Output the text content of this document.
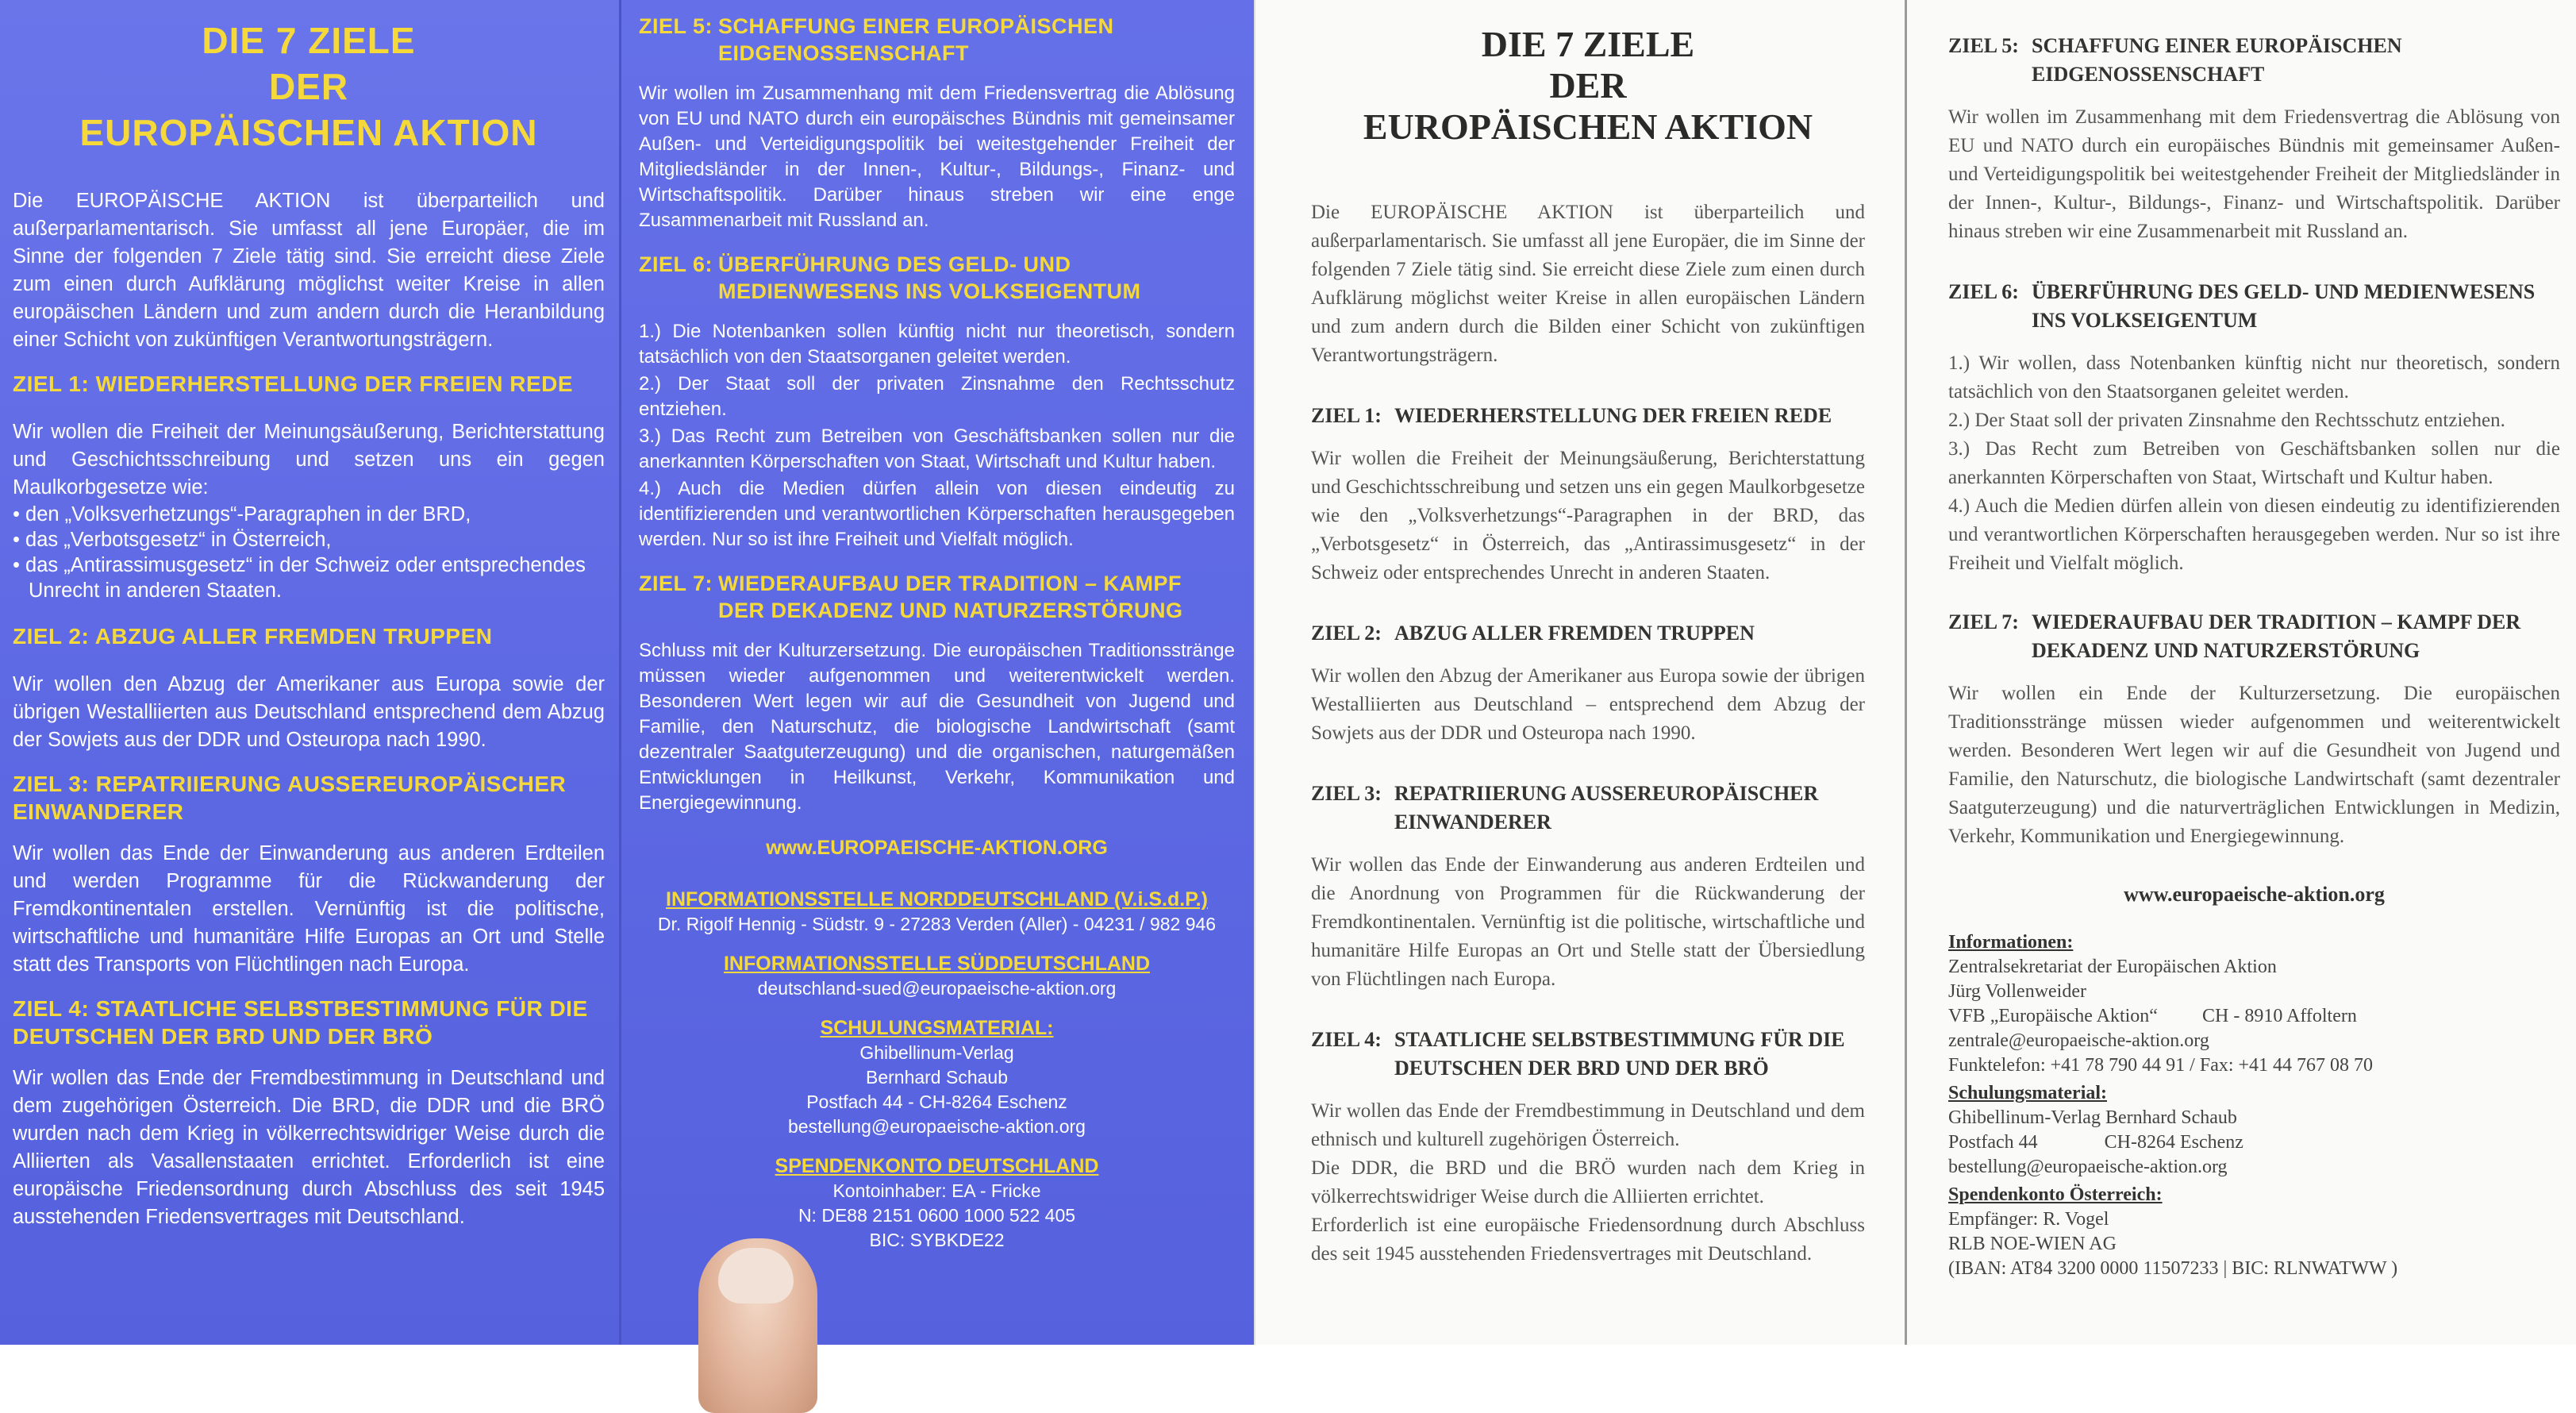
DIE 7 ZIELE
DER
EUROPÄISCHEN AKTION

Die EUROPÄISCHE AKTION ist überparteilich und außerparlamentarisch. Sie umfasst all jene Europäer, die im Sinne der folgenden 7 Ziele tätig sind. Sie erreicht diese Ziele zum einen durch Aufklärung möglichst weiter Kreise in allen europäischen Ländern und zum andern durch die Heranbildung einer Schicht von zukünftigen Verantwortungsträgern.

ZIEL 1: WIEDERHERSTELLUNG DER FREIEN REDE

Wir wollen die Freiheit der Meinungsäußerung, Berichterstattung und Geschichtsschreibung und setzen uns ein gegen Maulkorbgesetze wie:

• den „Volksverhetzungs“-Paragraphen in der BRD,
• das „Verbotsgesetz“ in Österreich,
• das „Antirassimusgesetz“ in der Schweiz oder entsprechendes Unrecht in anderen Staaten.
ZIEL 2: ABZUG ALLER FREMDEN TRUPPEN

Wir wollen den Abzug der Amerikaner aus Europa sowie der übrigen Westalliierten aus Deutschland entsprechend dem Abzug der Sowjets aus der DDR und Osteuropa nach 1990.

ZIEL 3: REPATRIIERUNG AUSSEREUROPÄISCHER EINWANDERER

Wir wollen das Ende der Einwanderung aus anderen Erdteilen und werden Programme für die Rückwanderung der Fremdkontinentalen erstellen. Vernünftig ist die politische, wirtschaftliche und humanitäre Hilfe Europas an Ort und Stelle statt des Transports von Flüchtlingen nach Europa.

ZIEL 4: STAATLICHE SELBSTBESTIMMUNG FÜR DIE DEUTSCHEN DER BRD UND DER BRÖ

Wir wollen das Ende der Fremdbestimmung in Deutschland und dem zugehörigen Österreich. Die BRD, die DDR und die BRÖ wurden nach dem Krieg in völkerrechtswidriger Weise durch die Alliierten als Vasallenstaaten errichtet. Erforderlich ist eine europäische Friedensordnung durch Abschluss des seit 1945 ausstehenden Friedensvertrages mit Deutschland.

ZIEL 5: SCHAFFUNG EINER EUROPÄISCHEN
EIDGENOSSENSCHAFT

Wir wollen im Zusammenhang mit dem Friedensvertrag die Ablösung von EU und NATO durch ein europäisches Bündnis mit gemeinsamer Außen- und Verteidigungspolitik bei weitestgehender Freiheit der Mitgliedsländer in der Innen-, Kultur-, Bildungs-, Finanz- und Wirtschaftspolitik. Darüber hinaus streben wir eine enge Zusammenarbeit mit Russland an.

ZIEL 6: ÜBERFÜHRUNG DES GELD- UND
MEDIENWESENS INS VOLKSEIGENTUM

1.) Die Notenbanken sollen künftig nicht nur theoretisch, sondern tatsächlich von den Staatsorganen geleitet werden.

2.) Der Staat soll der privaten Zinsnahme den Rechtsschutz entziehen.

3.) Das Recht zum Betreiben von Geschäftsbanken sollen nur die anerkannten Körperschaften von Staat, Wirtschaft und Kultur haben.

4.) Auch die Medien dürfen allein von diesen eindeutig zu identifizierenden und verantwortlichen Körperschaften herausgegeben werden. Nur so ist ihre Freiheit und Vielfalt möglich.

ZIEL 7: WIEDERAUFBAU DER TRADITION – KAMPF
DER DEKADENZ UND NATURZERSTÖRUNG

Schluss mit der Kulturzersetzung. Die europäischen Traditionsstränge müssen wieder aufgenommen und weiterentwickelt werden. Besonderen Wert legen wir auf die Gesundheit von Jugend und Familie, den Naturschutz, die biologische Landwirtschaft (samt dezentraler Saatguterzeugung) und die organischen, naturgemäßen Entwicklungen in Heilkunst, Verkehr, Kommunikation und Energiegewinnung.

www.EUROPAEISCHE-AKTION.ORG
INFORMATIONSSTELLE NORDDEUTSCHLAND (V.i.S.d.P.)
Dr. Rigolf Hennig - Südstr. 9 - 27283 Verden (Aller) - 04231 / 982 946
INFORMATIONSSTELLE SÜDDEUTSCHLAND
deutschland-sued@europaeische-aktion.org
SCHULUNGSMATERIAL:
Ghibellinum-Verlag
Bernhard Schaub
Postfach 44 - CH-8264 Eschenz
bestellung@europaeische-aktion.org
SPENDENKONTO DEUTSCHLAND
Kontoinhaber: EA - Fricke
N: DE88 2151 0600 1000 522 405
BIC: SYBKDE22
DIE 7 ZIELE
DER
EUROPÄISCHEN AKTION

Die EUROPÄISCHE AKTION ist überparteilich und außerparlamentarisch. Sie umfasst all jene Europäer, die im Sinne der folgenden 7 Ziele tätig sind. Sie erreicht diese Ziele zum einen durch Aufklärung möglichst weiter Kreise in allen europäischen Ländern und zum andern durch die Bilden einer Schicht von zukünftigen Verantwortungsträgern.

ZIEL 1: WIEDERHERSTELLUNG DER FREIEN REDE

Wir wollen die Freiheit der Meinungsäußerung, Berichterstattung und Geschichtsschreibung und setzen uns ein gegen Maulkorbgesetze wie den „Volksverhetzungs“-Paragraphen in der BRD, das „Verbotsgesetz“ in Österreich, das „Antirassimusgesetz“ in der Schweiz oder entsprechendes Unrecht in anderen Staaten.

ZIEL 2: ABZUG ALLER FREMDEN TRUPPEN

Wir wollen den Abzug der Amerikaner aus Europa sowie der übrigen Westalliierten aus Deutschland – entsprechend dem Abzug der Sowjets aus der DDR und Osteuropa nach 1990.

ZIEL 3: REPATRIIERUNG AUSSEREUROPÄISCHER
EINWANDERER

Wir wollen das Ende der Einwanderung aus anderen Erdteilen und die Anordnung von Programmen für die Rückwanderung der Fremdkontinentalen. Vernünftig ist die politische, wirtschaftliche und humanitäre Hilfe Europas an Ort und Stelle statt der Übersiedlung von Flüchtlingen nach Europa.

ZIEL 4: STAATLICHE SELBSTBESTIMMUNG FÜR DIE
DEUTSCHEN DER BRD UND DER BRÖ

Wir wollen das Ende der Fremdbestimmung in Deutschland und dem ethnisch und kulturell zugehörigen Österreich.

Die DDR, die BRD und die BRÖ wurden nach dem Krieg in völkerrechtswidriger Weise durch die Alliierten errichtet.

Erforderlich ist eine europäische Friedensordnung durch Abschluss des seit 1945 ausstehenden Friedensvertrages mit Deutschland.

ZIEL 5: SCHAFFUNG EINER EUROPÄISCHEN
EIDGENOSSENSCHAFT

Wir wollen im Zusammenhang mit dem Friedensvertrag die Ablösung von EU und NATO durch ein europäisches Bündnis mit gemeinsamer Außen- und Verteidigungspolitik bei weitestgehender Freiheit der Mitgliedsländer in der Innen-, Kultur-, Bildungs-, Finanz- und Wirtschaftspolitik. Darüber hinaus streben wir eine Zusammenarbeit mit Russland an.

ZIEL 6: ÜBERFÜHRUNG DES GELD- UND MEDIENWESENS
INS VOLKSEIGENTUM

1.) Wir wollen, dass Notenbanken künftig nicht nur theoretisch, sondern tatsächlich von den Staatsorganen geleitet werden.

2.) Der Staat soll der privaten Zinsnahme den Rechtsschutz entziehen.

3.) Das Recht zum Betreiben von Geschäftsbanken sollen nur die anerkannten Körperschaften von Staat, Wirtschaft und Kultur haben.

4.) Auch die Medien dürfen allein von diesen eindeutig zu identifizierenden und verantwortlichen Körperschaften herausgegeben werden. Nur so ist ihre Freiheit und Vielfalt möglich.

ZIEL 7: WIEDERAUFBAU DER TRADITION – KAMPF DER
DEKADENZ UND NATURZERSTÖRUNG

Wir wollen ein Ende der Kulturzersetzung. Die europäischen Traditionsstränge müssen wieder aufgenommen und weiterentwickelt werden. Besonderen Wert legen wir auf die Gesundheit von Jugend und Familie, den Naturschutz, die biologische Landwirtschaft (samt dezentraler Saatguterzeugung) und die naturverträglichen Entwicklungen in Medizin, Verkehr, Kommunikation und Energiegewinnung.

www.europaeische-aktion.org
Informationen:
Zentralsekretariat der Europäischen Aktion
Jürg Vollenweider
VFB „Europäische Aktion“ CH - 8910 Affoltern
zentrale@europaeische-aktion.org
Funktelefon: +41 78 790 44 91 / Fax: +41 44 767 08 70
Schulungsmaterial:
Ghibellinum-Verlag Bernhard Schaub
Postfach 44              CH-8264 Eschenz
bestellung@europaeische-aktion.org
Spendenkonto Österreich:
Empfänger: R. Vogel
RLB NOE-WIEN AG
(IBAN: AT84 3200 0000 11507233 | BIC: RLNWATWW )
